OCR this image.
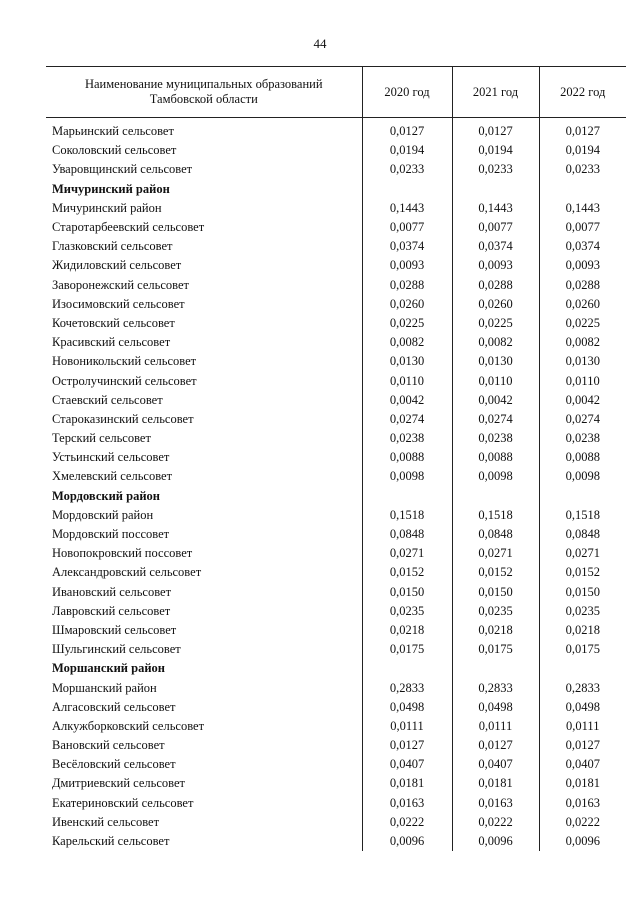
44
Наименование муниципальных образований
Тамбовской области	2020 год	2021 год	2022 год
Марьинский сельсовет	0,0127	0,0127	0,0127
Соколовский сельсовет	0,0194	0,0194	0,0194
Уваровщинский сельсовет	0,0233	0,0233	0,0233
Мичуринский район			
Мичуринский район	0,1443	0,1443	0,1443
Старотарбеевский сельсовет	0,0077	0,0077	0,0077
Глазковский сельсовет	0,0374	0,0374	0,0374
Жидиловский сельсовет	0,0093	0,0093	0,0093
Заворонежский сельсовет	0,0288	0,0288	0,0288
Изосимовский сельсовет	0,0260	0,0260	0,0260
Кочетовский сельсовет	0,0225	0,0225	0,0225
Красивский сельсовет	0,0082	0,0082	0,0082
Новоникольский сельсовет	0,0130	0,0130	0,0130
Остролучинский сельсовет	0,0110	0,0110	0,0110
Стаевский сельсовет	0,0042	0,0042	0,0042
Староказинский сельсовет	0,0274	0,0274	0,0274
Терский сельсовет	0,0238	0,0238	0,0238
Устьинский сельсовет	0,0088	0,0088	0,0088
Хмелевский сельсовет	0,0098	0,0098	0,0098
Мордовский район			
Мордовский район	0,1518	0,1518	0,1518
Мордовский поссовет	0,0848	0,0848	0,0848
Новопокровский поссовет	0,0271	0,0271	0,0271
Александровский сельсовет	0,0152	0,0152	0,0152
Ивановский сельсовет	0,0150	0,0150	0,0150
Лавровский сельсовет	0,0235	0,0235	0,0235
Шмаровский сельсовет	0,0218	0,0218	0,0218
Шульгинский сельсовет	0,0175	0,0175	0,0175
Моршанский район			
Моршанский район	0,2833	0,2833	0,2833
Алгасовский сельсовет	0,0498	0,0498	0,0498
Алкужборковский сельсовет	0,0111	0,0111	0,0111
Вановский сельсовет	0,0127	0,0127	0,0127
Весёловский сельсовет	0,0407	0,0407	0,0407
Дмитриевский сельсовет	0,0181	0,0181	0,0181
Екатериновский сельсовет	0,0163	0,0163	0,0163
Ивенский сельсовет	0,0222	0,0222	0,0222
Карельский сельсовет	0,0096	0,0096	0,0096
